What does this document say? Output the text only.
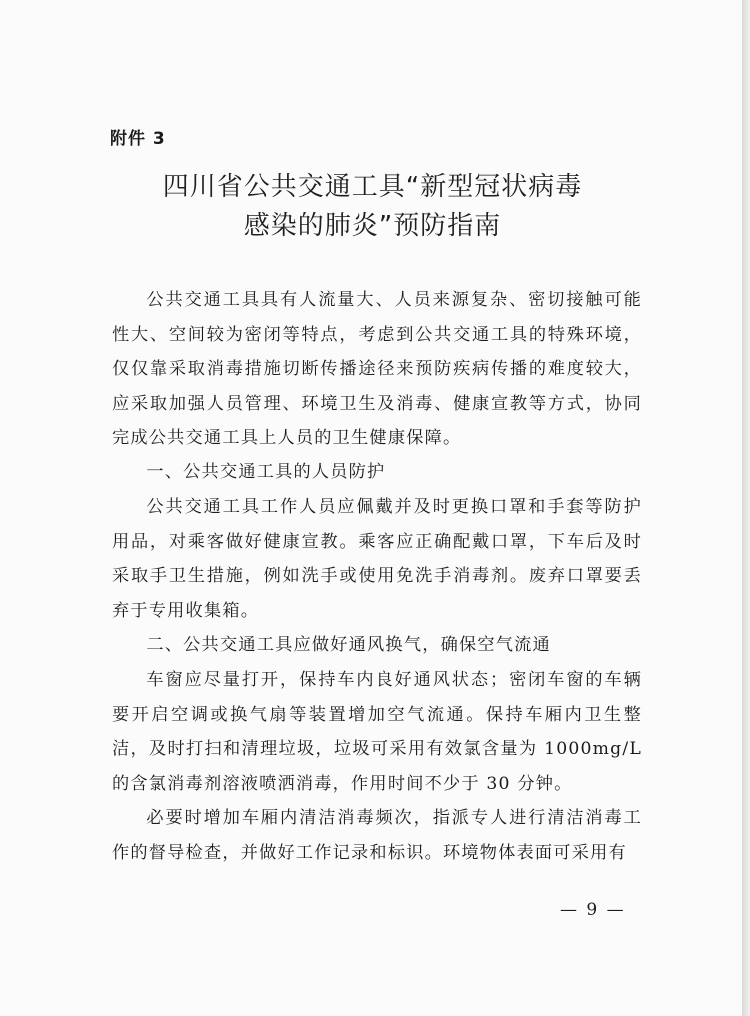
附件 3
四川省公共交通工具“新型冠状病毒
感染的肺炎”预防指南

公共交通工具具有人流量大、人员来源复杂、密切接触可能性大、空间较为密闭等特点，考虑到公共交通工具的特殊环境，仅仅靠采取消毒措施切断传播途径来预防疾病传播的难度较大，应采取加强人员管理、环境卫生及消毒、健康宣教等方式，协同完成公共交通工具上人员的卫生健康保障。

一、公共交通工具的人员防护

公共交通工具工作人员应佩戴并及时更换口罩和手套等防护用品，对乘客做好健康宣教。乘客应正确配戴口罩，下车后及时采取手卫生措施，例如洗手或使用免洗手消毒剂。废弃口罩要丢弃于专用收集箱。

二、公共交通工具应做好通风换气，确保空气流通

车窗应尽量打开，保持车内良好通风状态；密闭车窗的车辆要开启空调或换气扇等装置增加空气流通。保持车厢内卫生整洁，及时打扫和清理垃圾，垃圾可采用有效氯含量为 1000mg/L 的含氯消毒剂溶液喷洒消毒，作用时间不少于 30 分钟。

必要时增加车厢内清洁消毒频次，指派专人进行清洁消毒工作的督导检查，并做好工作记录和标识。环境物体表面可采用有

— 9 —
